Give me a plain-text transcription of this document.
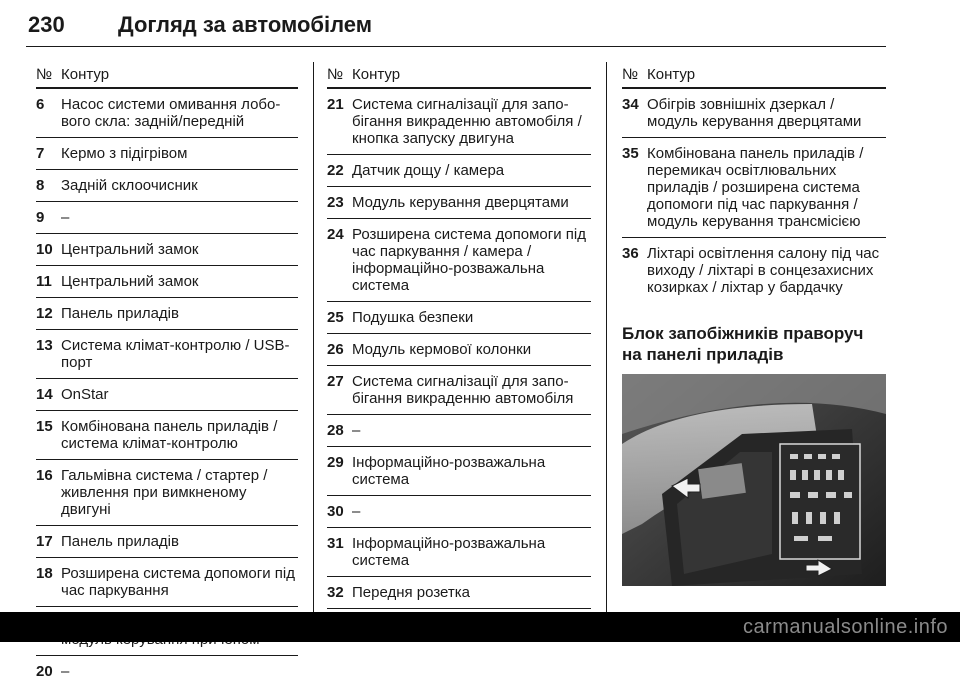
230 Догляд за автомобілем
№ Контур
6 Насос системи омивання лобового скла: задній/передній
7 Кермо з підігрівом
8 Задній склоочисник
9 –
10 Центральний замок
11 Центральний замок
12 Панель приладів
13 Система клімат-контролю / USB-порт
14 OnStar
15 Комбінована панель приладів / система клімат-контролю
16 Гальмівна система / стартер / живлення при вимкненому двигуні
17 Панель приладів
18 Розширена система допомоги під час паркування
20 –
№ Контур
21 Система сигналізації для запобігання викраденню автомобіля / кнопка запуску двигуна
22 Датчик дощу / камера
23 Модуль керування дверцятами
24 Розширена система допомоги під час паркування / камера / інформаційно-розважальна система
25 Подушка безпеки
26 Модуль кермової колонки
27 Система сигналізації для запобігання викраденню автомобіля
28 –
29 Інформаційно-розважальна система
30 –
31 Інформаційно-розважальна система
32 Передня розетка
№ Контур
34 Обігрів зовнішніх дзеркал / модуль керування дверцятами
35 Комбінована панель приладів / перемикач освітлювальних приладів / розширена система допомоги під час паркування / модуль керування трансмісією
36 Ліхтарі освітлення салону під час виходу / ліхтарі в сонцезахисних козирках / ліхтар у бардачку
Блок запобіжників праворуч на панелі приладів
carmanualsonline.info
